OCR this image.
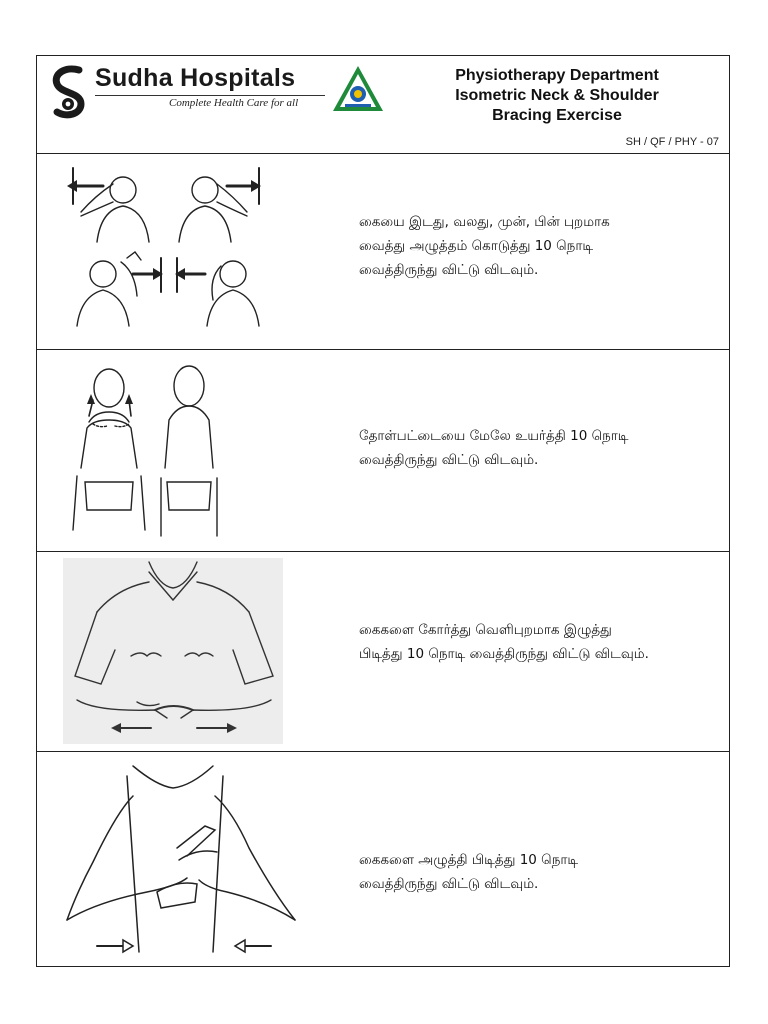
Sudha Hospitals
Complete Health Care for all
Physiotherapy Department
Isometric Neck & Shoulder
Bracing Exercise
SH / QF / PHY - 07
கையை இடது, வலது, முன், பின் புறமாக
வைத்து அழுத்தம் கொடுத்து 10 நொடி
வைத்திருந்து விட்டு விடவும்.
தோள்பட்டையை மேலே உயர்த்தி 10 நொடி
வைத்திருந்து விட்டு விடவும்.
கைகளை கோர்த்து வெளிபுறமாக இழுத்து
பிடித்து 10 நொடி வைத்திருந்து விட்டு விடவும்.
கைகளை அழுத்தி பிடித்து 10 நொடி
வைத்திருந்து விட்டு விடவும்.
